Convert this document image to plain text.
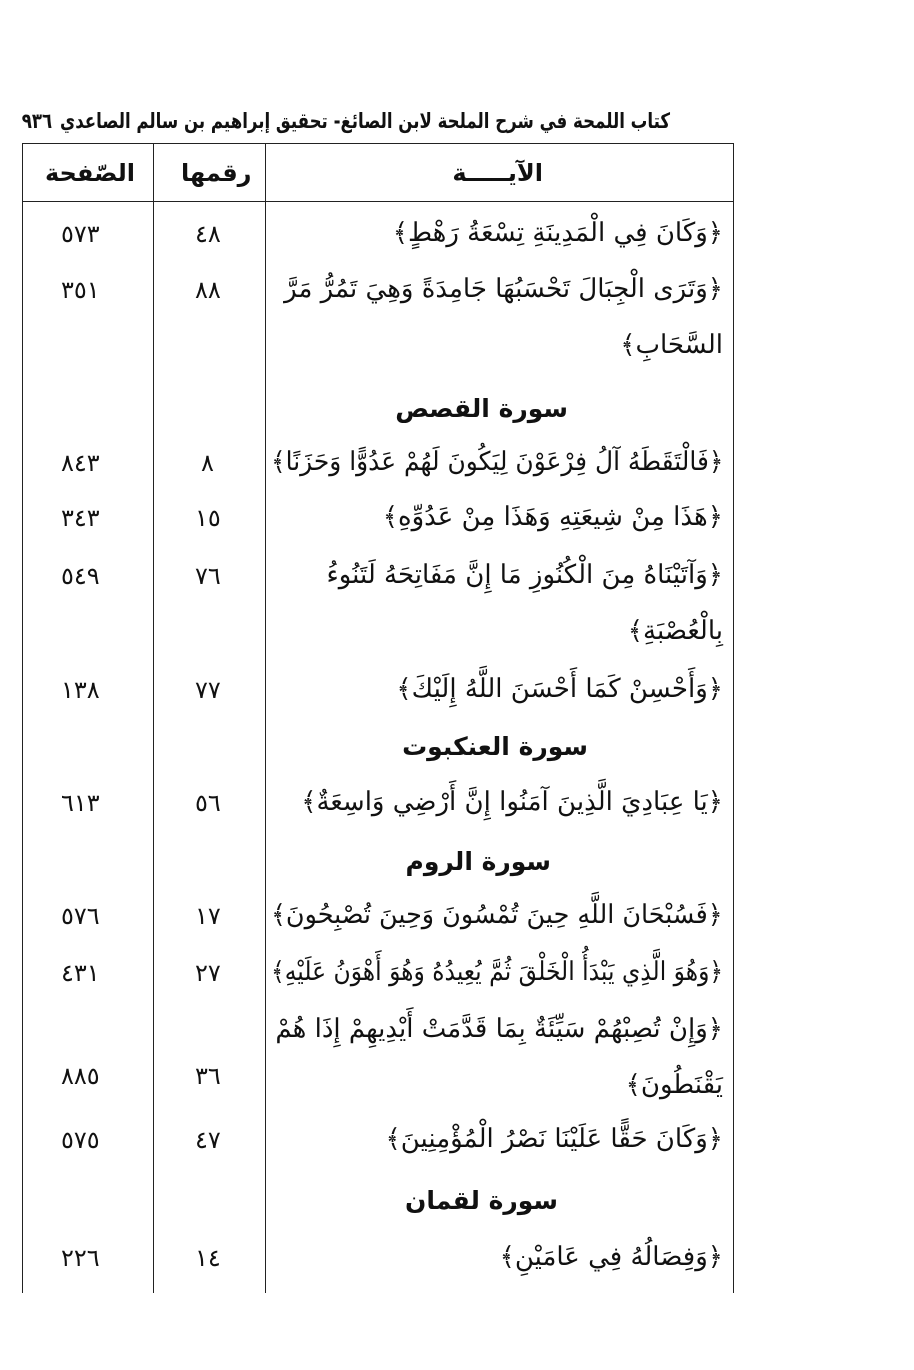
كتاب اللمحة في شرح الملحة لابن الصائغ- تحقيق إبراهيم بن سالم الصاعدي
٩٣٦
الآيـــــة
رقمها
الصّفحة
﴿وَكَانَ فِي الْمَدِينَةِ تِسْعَةُ رَهْطٍ﴾
٤٨
٥٧٣
﴿وَتَرَى الْجِبَالَ تَحْسَبُهَا جَامِدَةً وَهِيَ تَمُرُّ مَرَّ
السَّحَابِ﴾
٨٨
٣٥١
سورة القصص
﴿فَالْتَقَطَهُ آلُ فِرْعَوْنَ لِيَكُونَ لَهُمْ عَدُوًّا وَحَزَنًا﴾
٨
٨٤٣
﴿هَذَا مِنْ شِيعَتِهِ وَهَذَا مِنْ عَدُوِّهِ﴾
١٥
٣٤٣
﴿وَآتَيْنَاهُ مِنَ الْكُنُوزِ مَا إِنَّ مَفَاتِحَهُ لَتَنُوءُ
بِالْعُصْبَةِ﴾
٧٦
٥٤٩
﴿وَأَحْسِنْ كَمَا أَحْسَنَ اللَّهُ إِلَيْكَ﴾
٧٧
١٣٨
سورة العنكبوت
﴿يَا عِبَادِيَ الَّذِينَ آمَنُوا إِنَّ أَرْضِي وَاسِعَةٌ﴾
٥٦
٦١٣
سورة الروم
﴿فَسُبْحَانَ اللَّهِ حِينَ تُمْسُونَ وَحِينَ تُصْبِحُونَ﴾
١٧
٥٧٦
﴿وَهُوَ الَّذِي يَبْدَأُ الْخَلْقَ ثُمَّ يُعِيدُهُ وَهُوَ أَهْوَنُ عَلَيْهِ﴾
٢٧
٤٣١
﴿وَإِنْ تُصِبْهُمْ سَيِّئَةٌ بِمَا قَدَّمَتْ أَيْدِيهِمْ إِذَا هُمْ
يَقْنَطُونَ﴾
٣٦
٨٨٥
﴿وَكَانَ حَقًّا عَلَيْنَا نَصْرُ الْمُؤْمِنِينَ﴾
٤٧
٥٧٥
سورة لقمان
﴿وَفِصَالُهُ فِي عَامَيْنِ﴾
١٤
٢٢٦
